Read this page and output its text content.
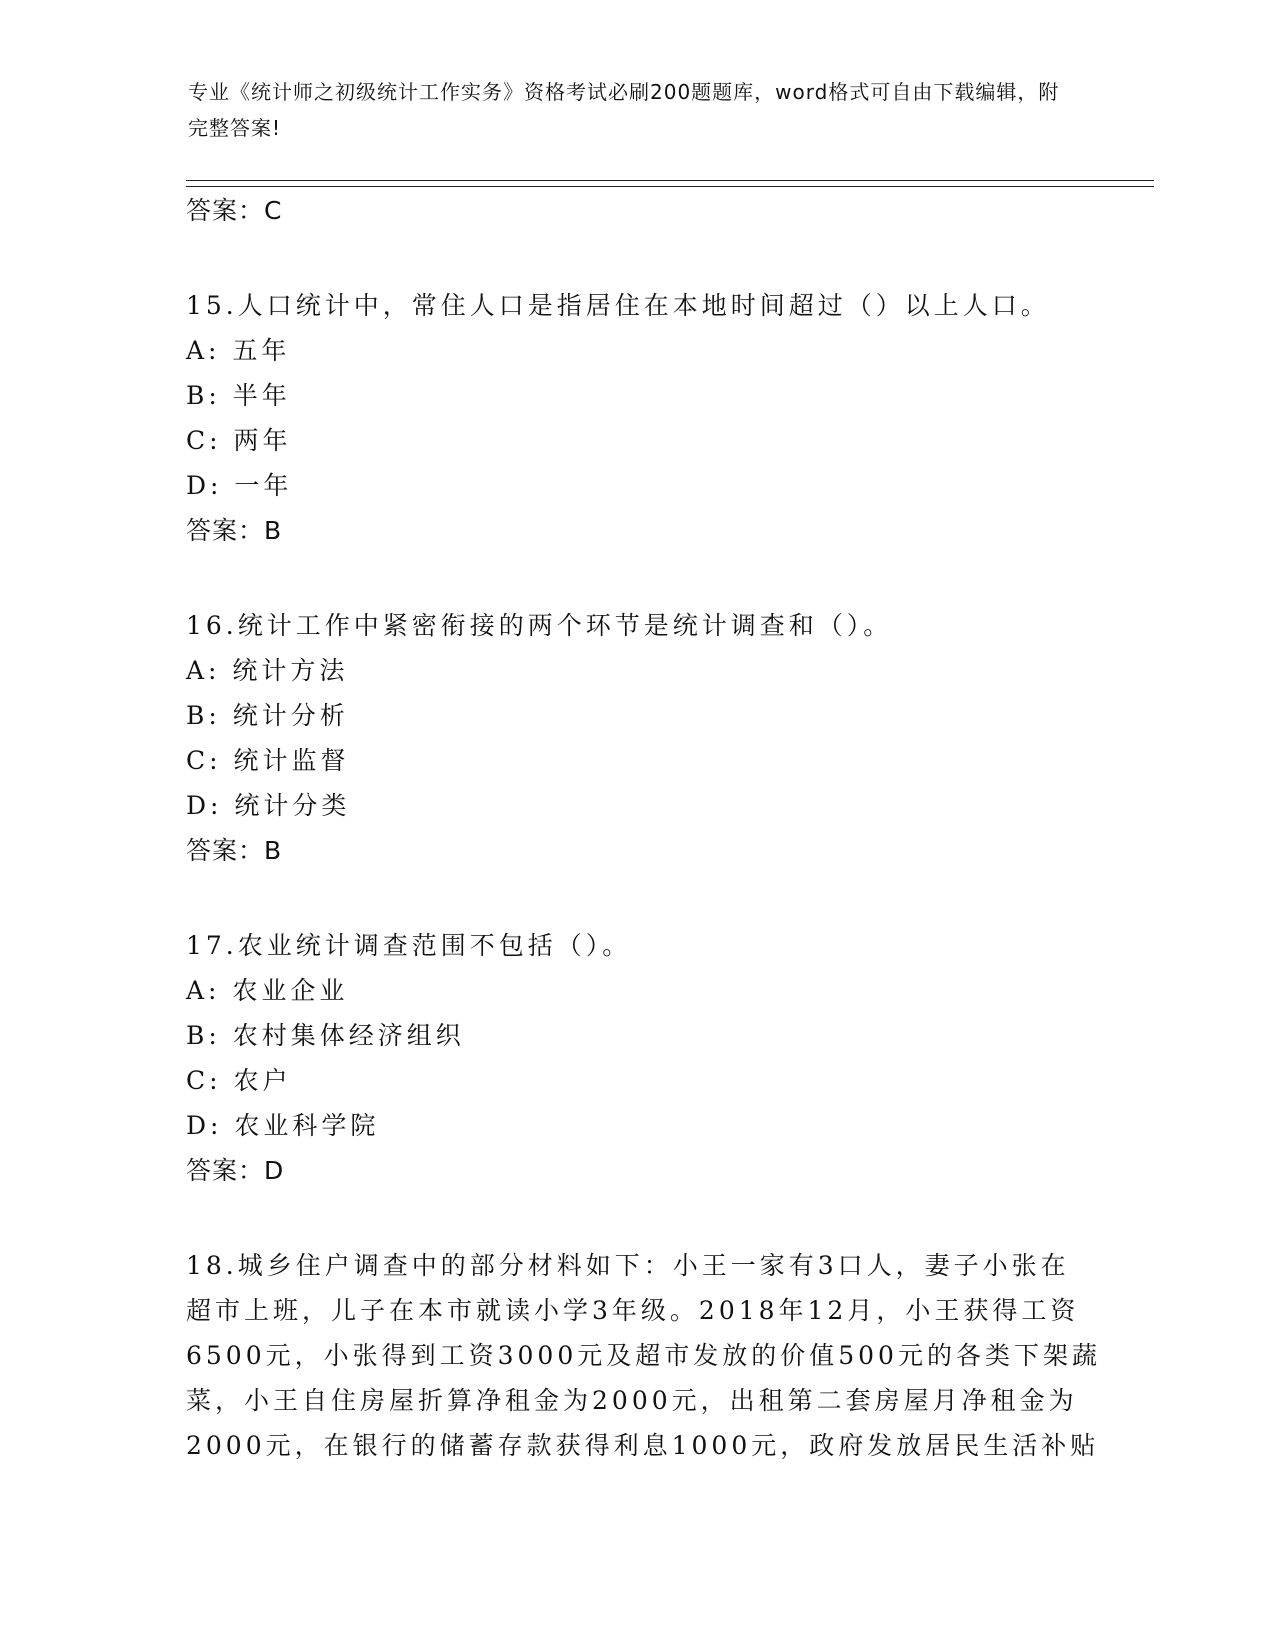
专业《统计师之初级统计工作实务》资格考试必刷200题题库，word格式可自由下载编辑，附完整答案!
答案：C
15.人口统计中，常住人口是指居住在本地时间超过（）以上人口。
A: 五年
B: 半年
C: 两年
D: 一年
答案：B
16.统计工作中紧密衔接的两个环节是统计调查和（）。
A: 统计方法
B: 统计分析
C: 统计监督
D: 统计分类
答案：B
17.农业统计调查范围不包括（）。
A: 农业企业
B: 农村集体经济组织
C: 农户
D: 农业科学院
答案：D
18.城乡住户调查中的部分材料如下：小王一家有3口人，妻子小张在
超市上班，儿子在本市就读小学3年级。2018年12月，小王获得工资
6500元，小张得到工资3000元及超市发放的价值500元的各类下架蔬
菜，小王自住房屋折算净租金为2000元，出租第二套房屋月净租金为
2000元，在银行的储蓄存款获得利息1000元，政府发放居民生活补贴
